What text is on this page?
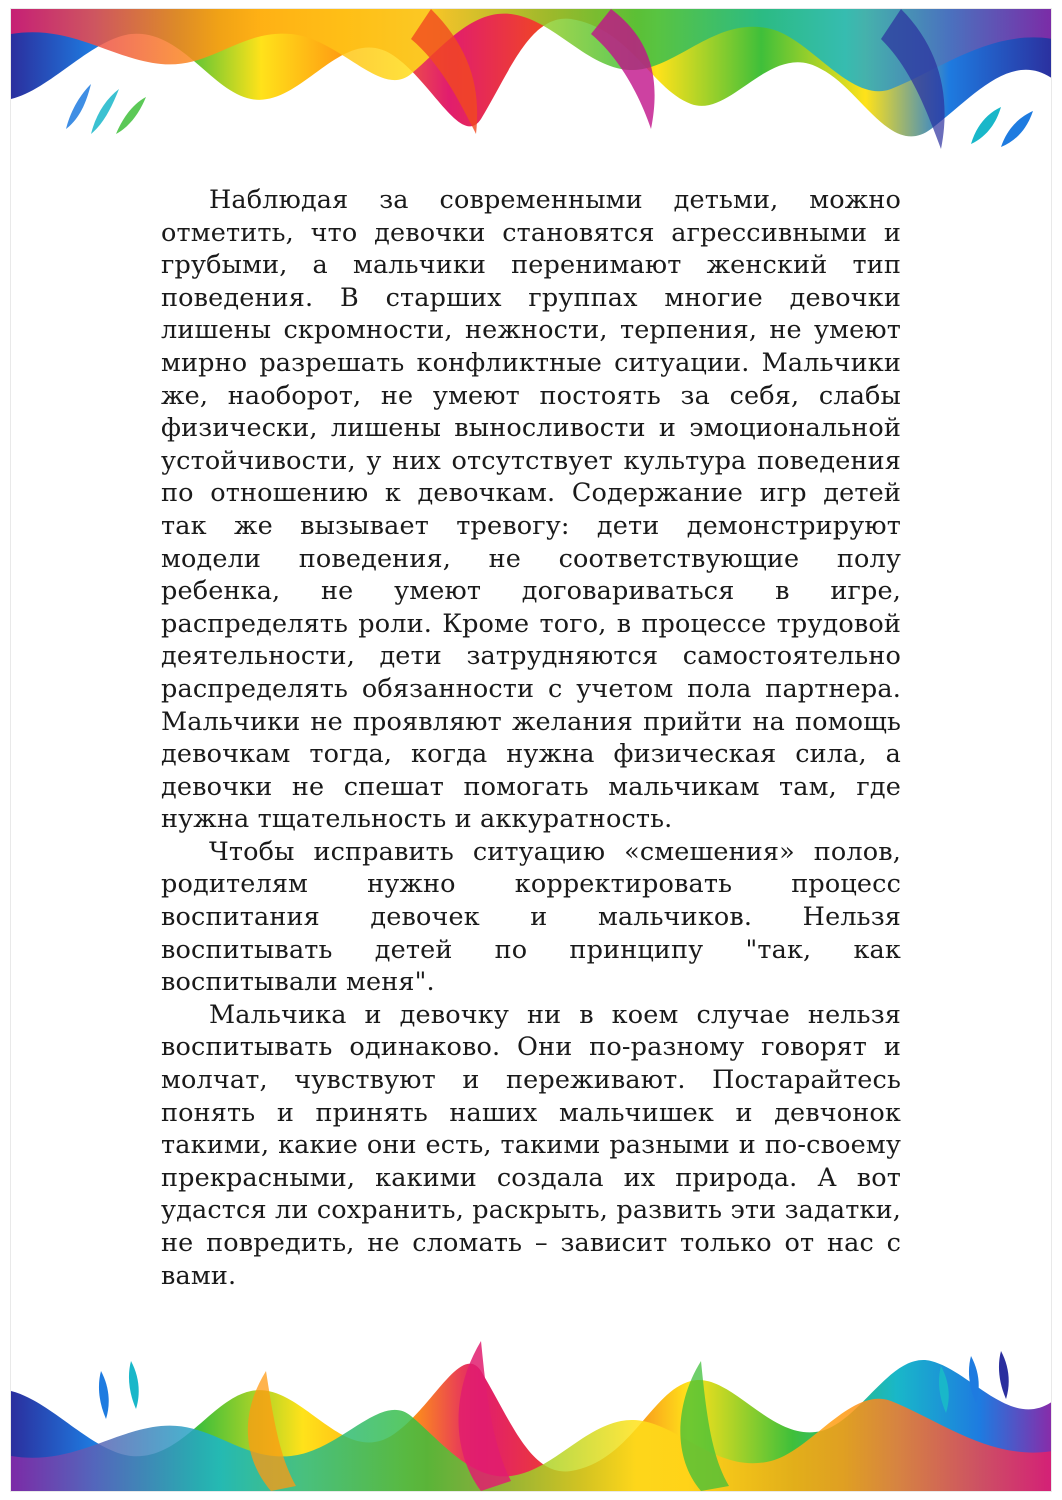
Наблюдая за современными детьми, можно отметить, что девочки становятся агрессивными и грубыми, а мальчики перенимают женский тип поведения. В старших группах многие девочки лишены скромности, нежности, терпения, не умеют мирно разрешать конфликтные ситуации. Мальчики же, наоборот, не умеют постоять за себя, слабы физически, лишены выносливости и эмоциональной устойчивости, у них отсутствует культура поведения по отношению к девочкам. Содержание игр детей так же вызывает тревогу: дети демонстрируют модели поведения, не соответствующие полу ребенка, не умеют договариваться в игре, распределять роли. Кроме того, в процессе трудовой деятельности, дети затрудняются самостоятельно распределять обязанности с учетом пола партнера. Мальчики не проявляют желания прийти на помощь девочкам тогда, когда нужна физическая сила, а девочки не спешат помогать мальчикам там, где нужна тщательность и аккуратность.

Чтобы исправить ситуацию «смешения» полов, родителям нужно корректировать процесс воспитания девочек и мальчиков. Нельзя воспитывать детей по принципу "так, как воспитывали меня".

Мальчика и девочку ни в коем случае нельзя воспитывать одинаково. Они по-разному говорят и молчат, чувствуют и переживают. Постарайтесь понять и принять наших мальчишек и девчонок такими, какие они есть, такими разными и по-своему прекрасными, какими создала их природа. А вот удастся ли сохранить, раскрыть, развить эти задатки, не повредить, не сломать – зависит только от нас с вами.
